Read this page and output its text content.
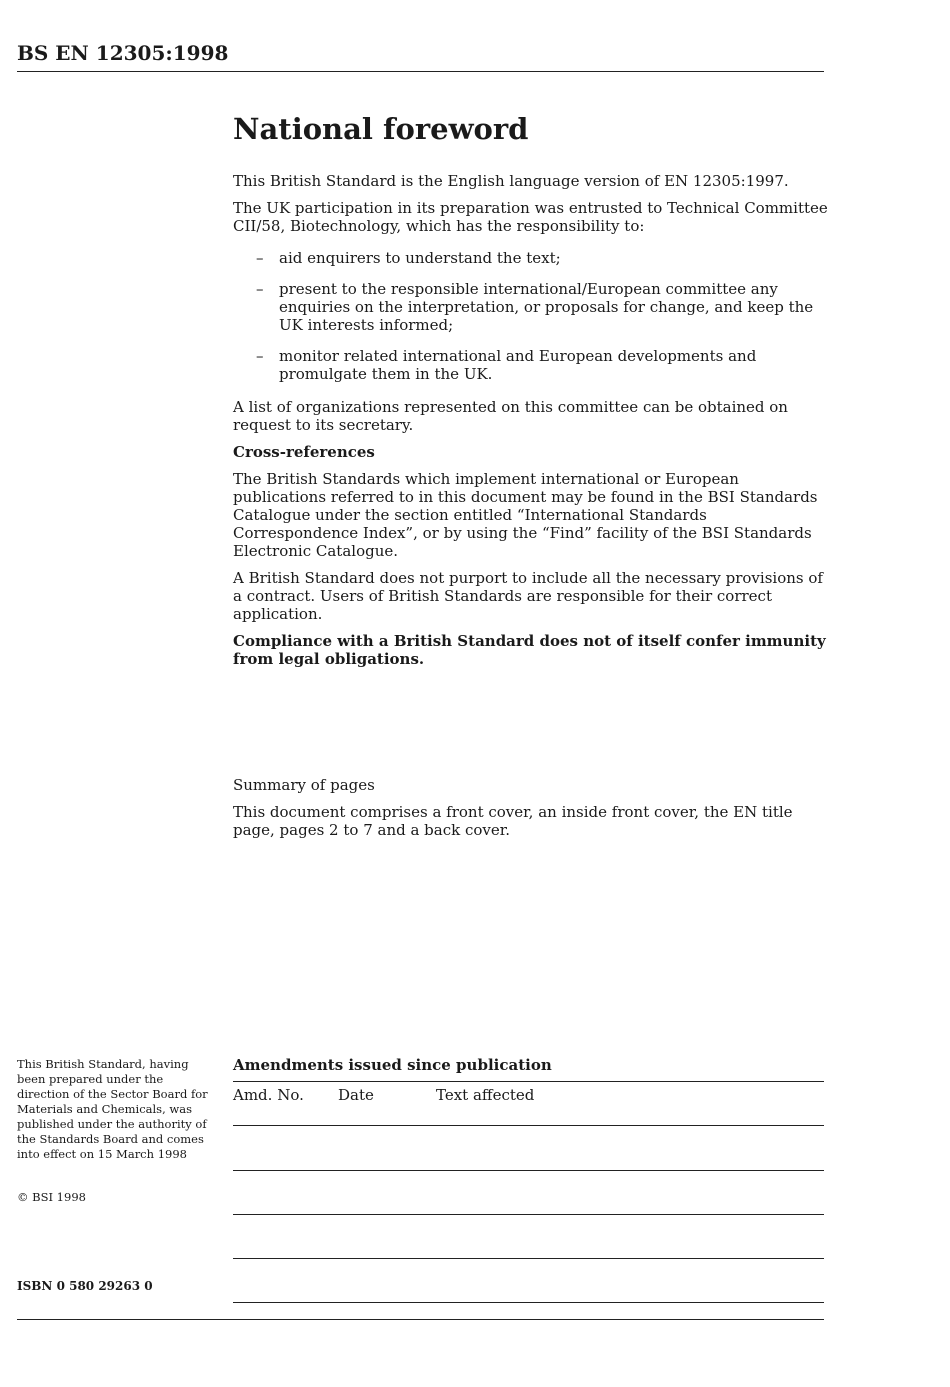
BS EN 12305:1998
National foreword

This British Standard is the English language version of EN 12305:1997.

The UK participation in its preparation was entrusted to Technical Committee CII/58, Biotechnology, which has the responsibility to:

– aid enquirers to understand the text;
– present to the responsible international/European committee any enquiries on the interpretation, or proposals for change, and keep the UK interests informed;
– monitor related international and European developments and promulgate them in the UK.

A list of organizations represented on this committee can be obtained on request to its secretary.

Cross-references

The British Standards which implement international or European publications referred to in this document may be found in the BSI Standards Catalogue under the section entitled “International Standards Correspondence Index”, or by using the “Find” facility of the BSI Standards Electronic Catalogue.

A British Standard does not purport to include all the necessary provisions of a contract. Users of British Standards are responsible for their correct application.

Compliance with a British Standard does not of itself confer immunity from legal obligations.

Summary of pages

This document comprises a front cover, an inside front cover, the EN title page, pages 2 to 7 and a back cover.

This British Standard, having been prepared under the direction of the Sector Board for Materials and Chemicals, was published under the authority of the Standards Board and comes into effect on 15 March 1998
© BSI 1998
ISBN 0 580 29263 0
Amendments issued since publication
Amd. No. Date	Text affected
